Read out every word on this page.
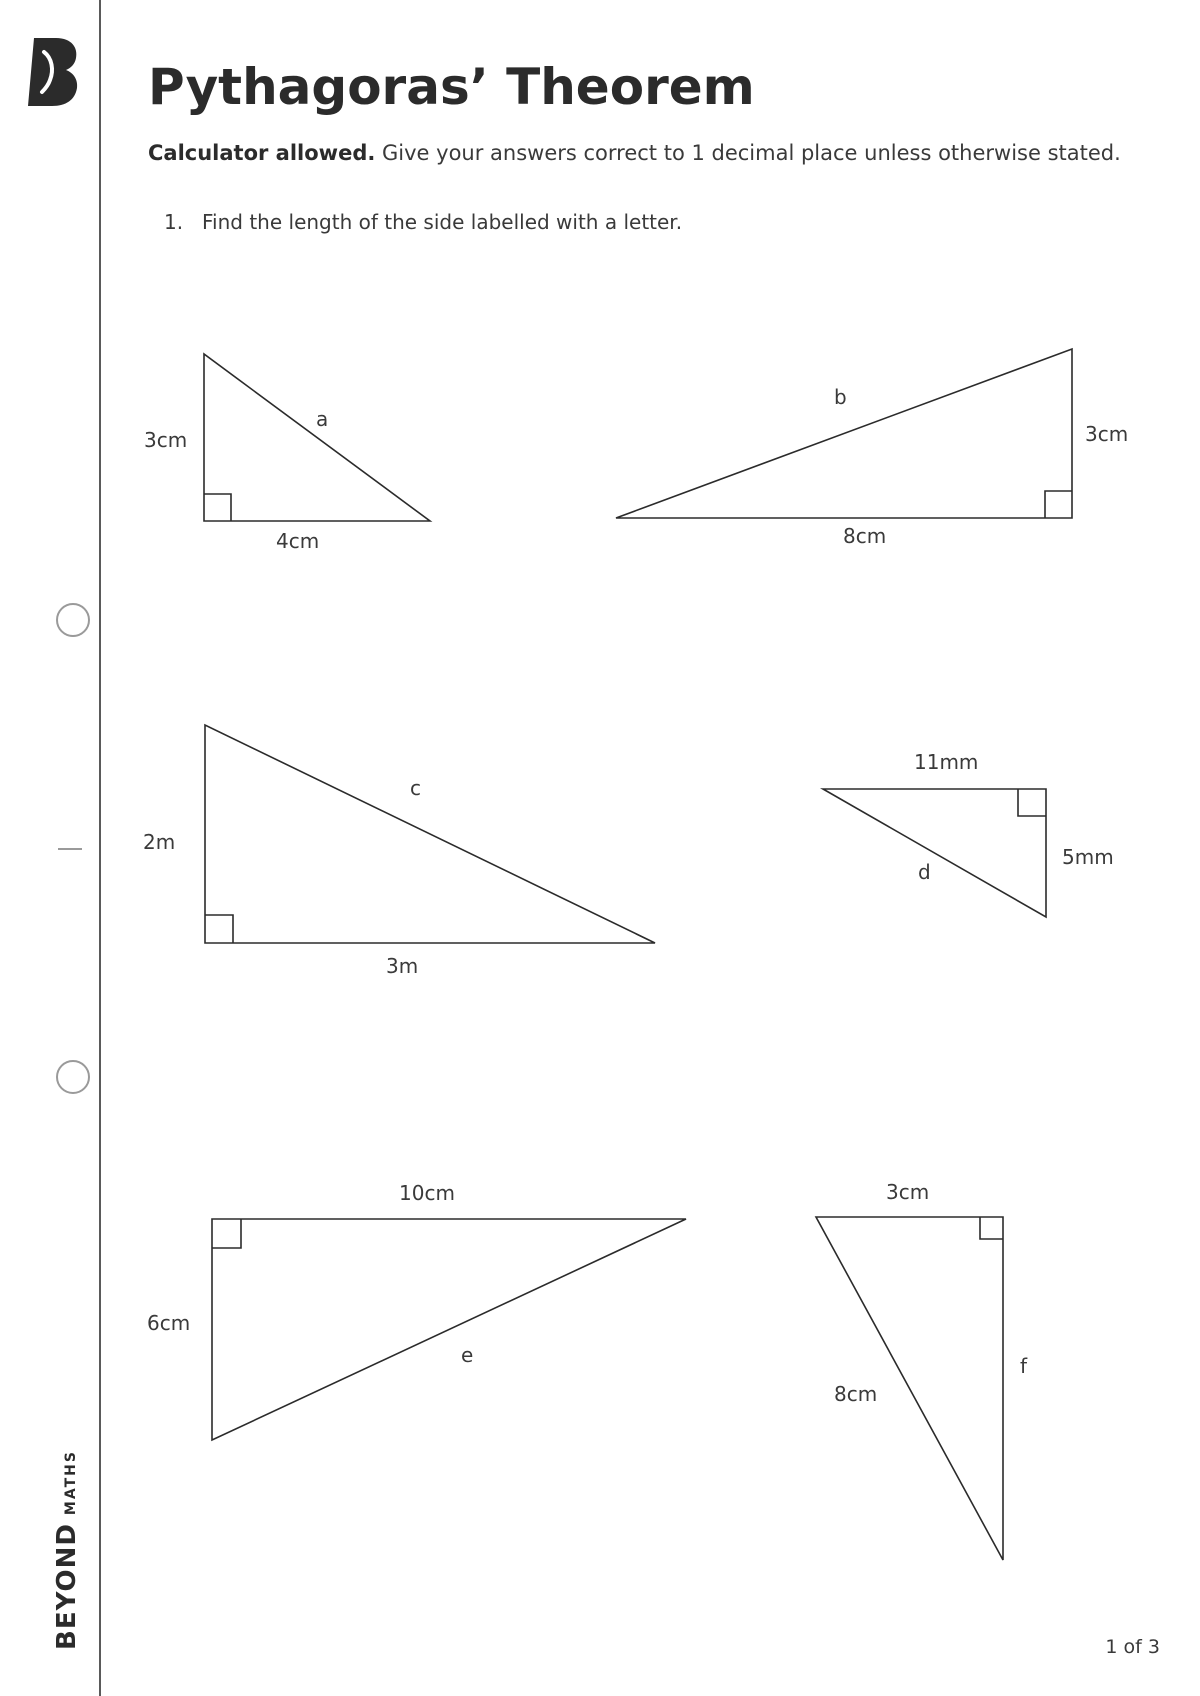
BEYONDMATHS
Pythagoras’ Theorem
Calculator allowed. Give your answers correct to 1 decimal place unless otherwise stated.
1. Find the length of the side labelled with a letter.
3cm
4cm
a
3cm
8cm
b
2m
3m
c
11mm
5mm
d
10cm
6cm
e
3cm
8cm
f
1 of 3
